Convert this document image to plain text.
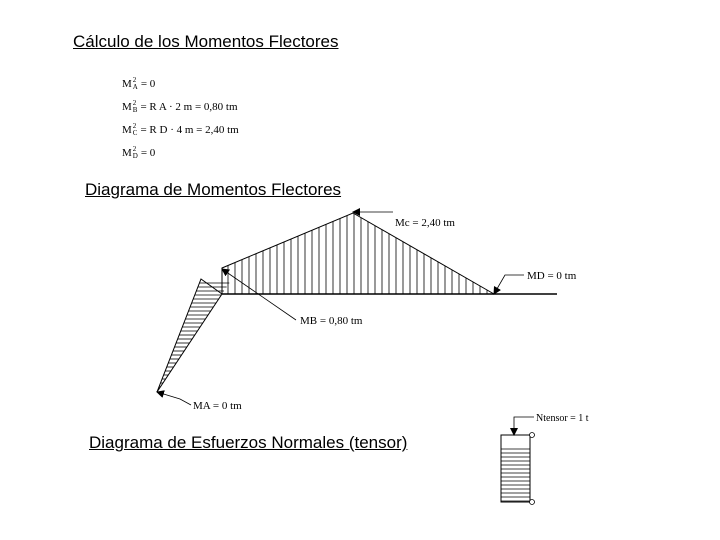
Cálculo de los Momentos Flectores
M 2
A = 0
M 2
B = R A · 2 m = 0,80 tm
M 2
C = R D · 4 m = 2,40 tm
M 2
D = 0
Diagrama de Momentos Flectores
Mc = 2,40 tm
MD = 0 tm
MB = 0,80 tm
MA = 0 tm
Ntensor = 1 t
Diagrama de Esfuerzos Normales (tensor)
